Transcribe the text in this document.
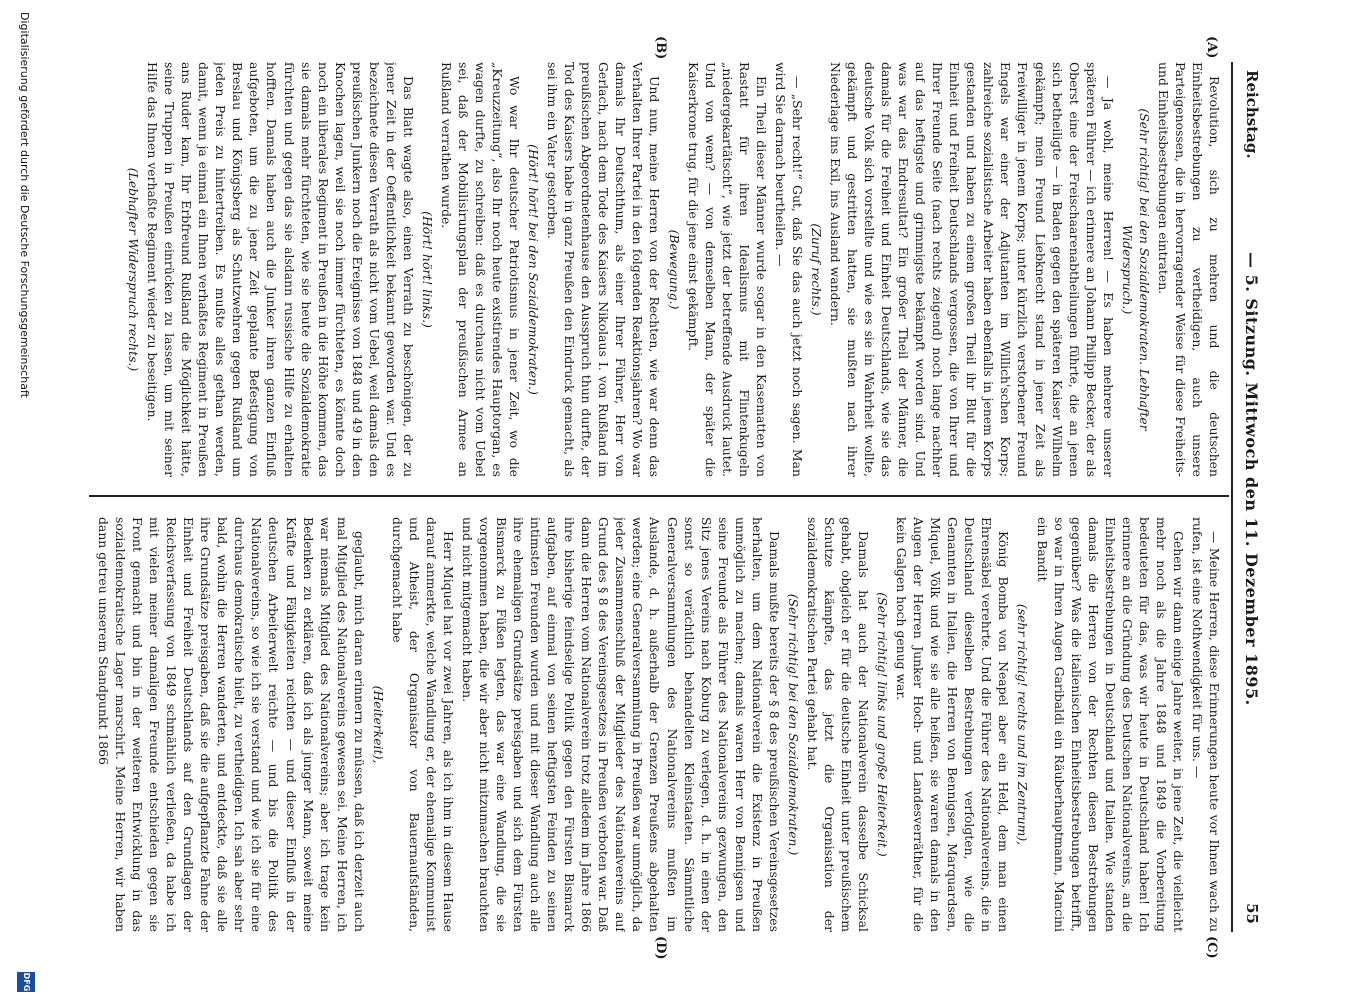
Reichstag.
— 5. Sitzung. Mittwoch den 11. Dezember 1895.
55
(A)
(B)
(C)
(D)

Revolution, sich zu mehren und die deutschen Einheitsbestrebungen zu vertheidigen, auch unsere Parteigenossen, die in hervorragender Weise für diese Freiheits- und Einheitsbestrebungen eintraten.

(Sehr richtig! bei den Sozialdemokraten. Lebhafter Widerspruch.)

— Ja wohl, meine Herren! — Es haben mehrere unserer späteren Führer — ich erinnere an Johann Philipp Becker, der als Oberst eine der Freischaarenabtheilungen führte, die an jenen sich betheiligte — in Baden gegen den späteren Kaiser Wilhelm gekämpft; mein Freund Liebknecht stand in jener Zeit als Freiwilliger in jenem Korps; unter kürzlich verstorbener Freund Engels war einer der Adjutanten im Willich'schen Korps; zahlreiche sozialistische Arbeiter haben ebenfalls in jenem Korps gestanden und haben zu einem großen Theil ihr Blut für die Einheit und Freiheit Deutschlands vergossen, die von Ihrer und Ihrer Freunde Seite (nach rechts zeigend) noch lange nachher auf das heftigste und grimmigste bekämpft worden sind. Und was war das Endresultat? Ein großer Theil der Männer, die damals für die Freiheit und Einheit Deutschlands, wie sie das deutsche Volk sich vorstellte und wie es sie in Wahrheit wollte, gekämpft und gestritten hatten, sie mußten nach ihrer Niederlage ins Exil, ins Ausland wandern.

(Zuruf rechts.)

— „Sehr recht!“ Gut, daß Sie das auch jetzt noch sagen. Man wird Sie darnach beurtheilen. —

Ein Theil dieser Männer wurde sogar in den Kasematten von Rastatt für ihren Idealismus mit Flintenkugeln „niedergekartätscht“, wie jetzt der betreffende Ausdruck lautet. Und von wem? — von demselben Mann, der später die Kaiserkrone trug, für die jene einst gekämpft.

(Bewegung.)

Und nun, meine Herren von der Rechten, wie war denn das Verhalten Ihrer Partei in den folgenden Reaktionsjahren? Wo war damals Ihr Deutschthum, als einer Ihrer Führer, Herr von Gerlach, nach dem Tode des Kaisers Nikolaus I. von Rußland im preußischen Abgeordnetenhause den Ausspruch thun durfte, der Tod des Kaisers habe in ganz Preußen den Eindruck gemacht, als sei ihm ein Vater gestorben.

(Hört! hört! bei den Sozialdemokraten.)

Wo war Ihr deutscher Patriotismus in jener Zeit, wo die „Kreuzzeitung“, also Ihr noch heute existirendes Hauptorgan, es wagen durfte, zu schreiben: daß es durchaus nicht vom Uebel sei, daß der Mobilisirungsplan der preußischen Armee an Rußland verrathen wurde.

(Hört! hört! links.)

Das Blatt wagte also, einen Verrath zu beschönigen, der zu jener Zeit in der Oeffentlichkeit bekannt geworden war. Und es bezeichnete diesen Verrath als nicht vom Uebel, weil damals den preußischen Junkern noch die Ereignisse von 1848 und 49 in den Knochen lagen, weil sie noch immer fürchteten, es könnte doch noch ein liberales Regiment in Preußen in die Höhe kommen, das sie damals mehr fürchteten, wie sie heute die Sozialdemokratie fürchten und gegen das sie alsdann russische Hilfe zu erhalten hofften. Damals haben auch die Junker ihren ganzen Einfluß aufgeboten, um die zu jener Zeit geplante Befestigung von Breslau und Königsberg als Schutzwehren gegen Rußland um jeden Preis zu hintertreiben. Es mußte alles gethan werden, damit, wenn ja einmal ein Ihnen verhaßtes Regiment in Preußen ans Ruder kam, Ihr Erbfreund Rußland die Möglichkeit hätte, seine Truppen in Preußen einrücken zu lassen, um mit seiner Hilfe das Ihnen verhaßte Regiment wieder zu beseitigen.

(Lebhafter Widerspruch rechts.)

— Meine Herren, diese Erinnerungen heute vor Ihnen wach zu rufen, ist eine Nothwendigkeit für uns. —

Gehen wir dann einige Jahre weiter, in jene Zeit, die vielleicht mehr noch als die Jahre 1848 und 1849 die Vorbereitung bedeuteten für das, was wir heute in Deutschland haben! Ich erinnere an die Gründung des Deutschen Nationalvereins, an die Einheitsbestrebungen in Deutschland und Italien. Wie standen damals die Herren von der Rechten diesen Bestrebungen gegenüber? Was die italienischen Einheitsbestrebungen betrifft, so war in Ihren Augen Garibaldi ein Räuberhauptmann, Mancini ein Bandit

(sehr richtig! rechts und im Zentrum),

König Bomba von Neapel aber ein Held, dem man einen Ehrensäbel verehrte. Und die Führer des Nationalvereins, die in Deutschland dieselben Bestrebungen verfolgten, wie die Genannten in Italien, die Herren von Bennigsen, Marquardsen, Miquel, Völk und wie sie alle heißen, sie waren damals in den Augen der Herren Junker Hoch- und Landesverräther, für die kein Galgen hoch genug war.

(Sehr richtig! links und große Heiterkeit.)

Damals hat auch der Nationalverein dasselbe Schicksal gehabt, obgleich er für die deutsche Einheit unter preußischem Schutze kämpfte, das jetzt die Organisation der sozialdemokratischen Partei gehabt hat.

(Sehr richtig! bei den Sozialdemokraten.)

Damals mußte bereits der § 8 des preußischen Vereinsgesetzes herhalten, um dem Nationalverein die Existenz in Preußen unmöglich zu machen; damals waren Herr von Bennigsen und seine Freunde als Führer des Nationalvereins gezwungen, den Sitz jenes Vereins nach Koburg zu verlegen, d. h. in einen der sonst so verächtlich behandelten Kleinstaaten. Sämmtliche Generalversammlungen des Nationalvereins mußten im Auslande, d. h. außerhalb der Grenzen Preußens abgehalten werden; eine Generalversammlung in Preußen war unmöglich, da jeder Zusammenschluß der Mitglieder des Nationalvereins auf Grund des § 8 des Vereinsgesetzes in Preußen verboten war. Daß dann die Herren vom Nationalverein trotz alledem im Jahre 1866 ihre bisherige feindselige Politik gegen den Fürsten Bismarck aufgaben, auf einmal von seinen heftigsten Feinden zu seinen intimsten Freunden wurden und mit dieser Wandlung auch alle ihre ehemaligen Grundsätze preisgaben und sich dem Fürsten Bismarck zu Füßen legten, das war eine Wandlung, die sie vorgenommen haben, die wir aber nicht mitzumachen brauchten und nicht mitgemacht haben.

Herr Miquel hat vor zwei Jahren, als ich ihm in diesem Hause darauf anmerkte, welche Wandlung er, der ehemalige Kommunist und Atheist, der Organisator von Bauernaufständen, durchgemacht habe

(Heiterkeit),

geglaubt, mich daran erinnern zu müssen, daß ich derzeit auch mal Mitglied des Nationalvereins gewesen sei. Meine Herren, ich war niemals Mitglied des Nationalvereins; aber ich trage kein Bedenken zu erklären, daß ich als junger Mann, soweit meine Kräfte und Fähigkeiten reichten — und dieser Einfluß in der deutschen Arbeiterwelt reichte — und bis die Politik des Nationalvereins, so wie ich sie verstand und wie ich sie für eine durchaus demokratische hielt, zu vertheidigen. Ich sah aber sehr bald, wohin die Herren wanderten, und entdeckte, daß sie alle ihre Grundsätze preisgaben, daß sie die aufgepflanzte Fahne der Einheit und Freiheit Deutschlands auf den Grundlagen der Reichsverfassung von 1849 schmählich verließen, da habe ich mit vielen meiner damaligen Freunde entschieden gegen sie Front gemacht und bin in der weiteren Entwicklung in das sozialdemokratische Lager marschirt. Meine Herren, wir haben dann getreu unserem Standpunkt 1866

Digitalisierung gefördert durch die Deutsche Forschungsgemeinschaft
DFG
